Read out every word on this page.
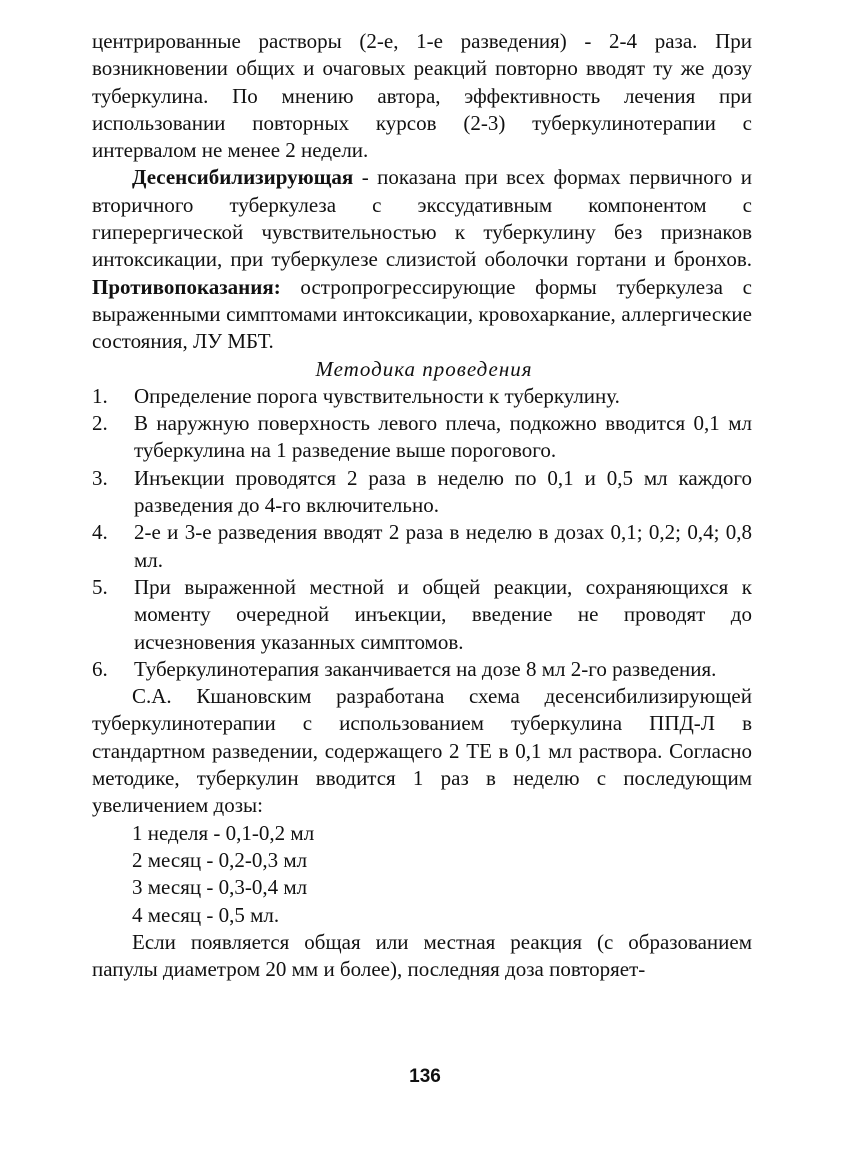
центрированные растворы (2-е, 1-е разведения) - 2-4 раза. При возникновении общих и очаговых реакций повторно вводят ту же дозу туберкулина. По мнению автора, эффективность лечения при использовании повторных курсов (2-3) туберкулинотерапии с интервалом не менее 2 недели.

Десенсибилизирующая - показана при всех формах первичного и вторичного туберкулеза с экссудативным компонентом с гиперергической чувствительностью к туберкулину без признаков интоксикации, при туберкулезе слизистой оболочки гортани и бронхов. Противопоказания: остропрогрессирующие формы туберкулеза с выраженными симптомами интоксикации, кровохаркание, аллергические состояния, ЛУ МБТ.

Методика проведения

1.	Определение порога чувствительности к туберкулину.
2.	В наружную поверхность левого плеча, подкожно вводится 0,1 мл туберкулина на 1 разведение выше порогового.
3.	Инъекции проводятся 2 раза в неделю по 0,1 и 0,5 мл каждого разведения до 4-го включительно.
4.	2-е и 3-е разведения вводят 2 раза в неделю в дозах 0,1; 0,2; 0,4; 0,8 мл.
5.	При выраженной местной и общей реакции, сохраняющихся к моменту очередной инъекции, введение не проводят до исчезновения указанных симптомов.
6.	Туберкулинотерапия заканчивается на дозе 8 мл 2-го разведения.

С.А. Кшановским разработана схема десенсибилизирующей туберкулинотерапии с использованием туберкулина ППД-Л в стандартном разведении, содержащего 2 ТЕ в 0,1 мл раствора. Согласно методике, туберкулин вводится 1 раз в неделю с последующим увеличением дозы:

1 неделя - 0,1-0,2 мл
2 месяц - 0,2-0,3 мл
3 месяц - 0,3-0,4 мл
4 месяц - 0,5 мл.

Если появляется общая или местная реакция (с образованием папулы диаметром 20 мм и более), последняя доза повторяет-

136
